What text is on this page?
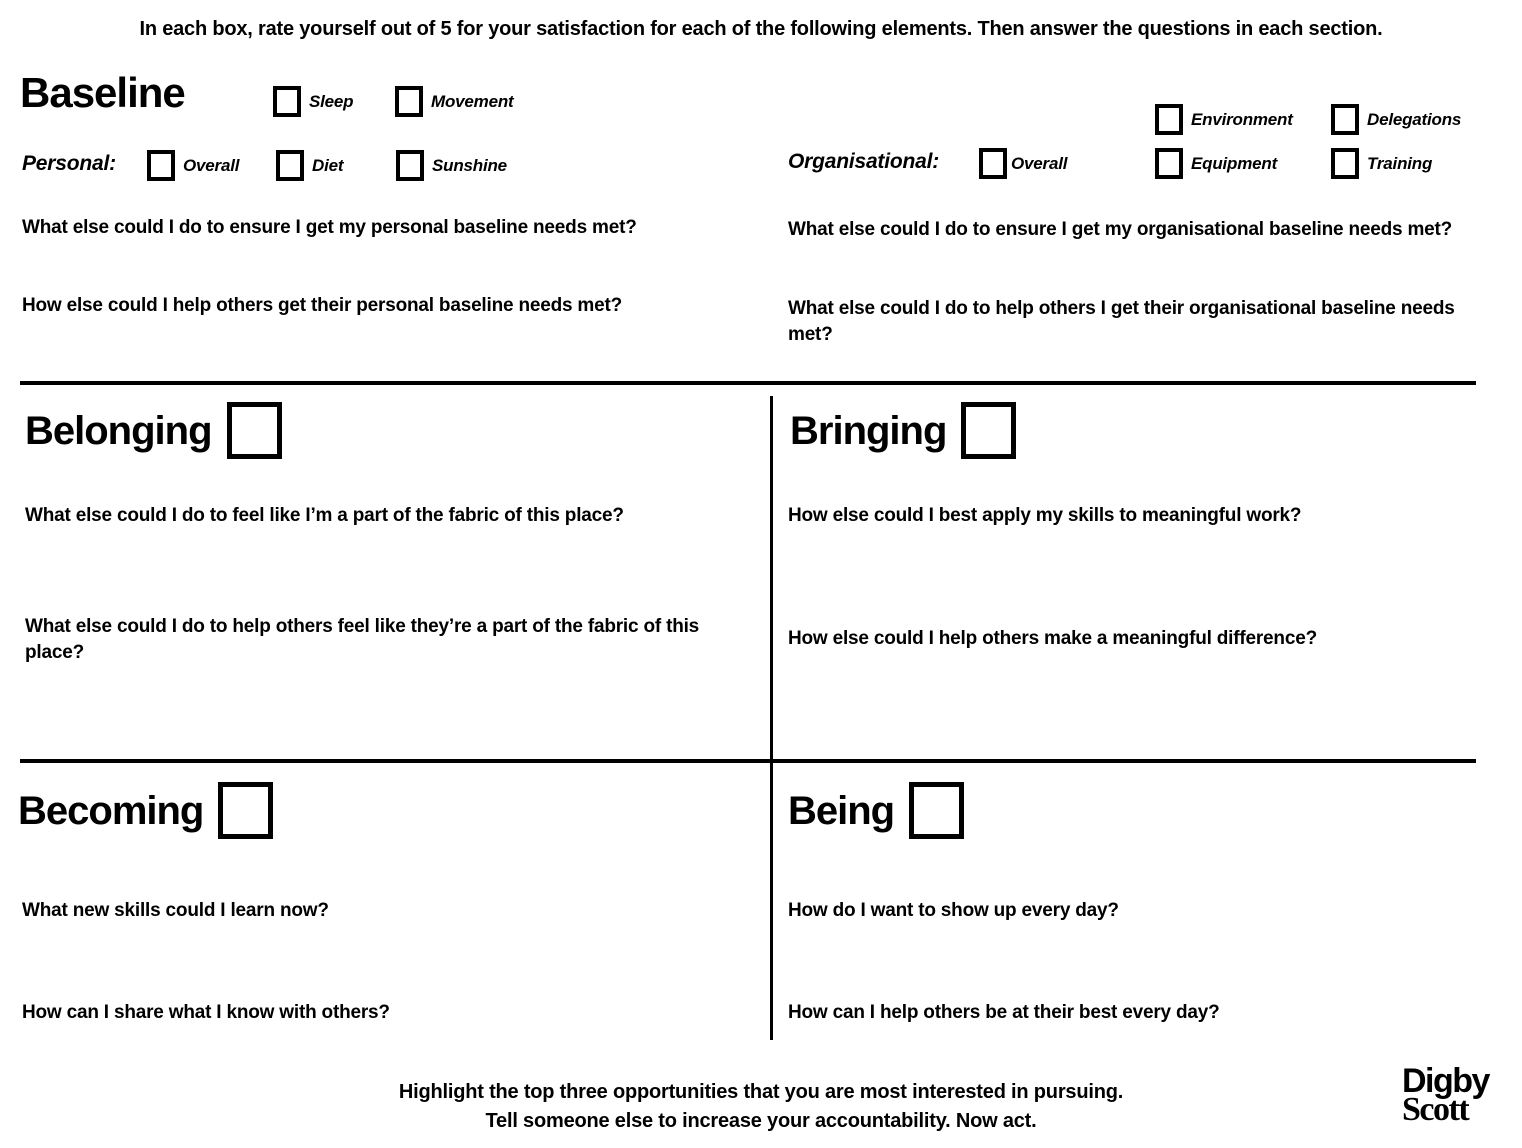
In each box, rate yourself out of 5 for your satisfaction for each of the following elements. Then answer the questions in each section.
Baseline	Sleep	Movement
Personal:	Overall	Diet	Sunshine
Environment	Delegations
Organisational:	Overall	Equipment	Training
What else could I do to ensure I get my personal baseline needs met?
How else could I help others get their personal baseline needs met?
What else could I do to ensure I get my organisational baseline needs met?
What else could I do to help others I get their organisational baseline needs met?
Belonging
What else could I do to feel like I’m a part of the fabric of this place?
What else could I do to help others feel like they’re a part of the fabric of this place?
Bringing
How else could I best apply my skills to meaningful work?
How else could I help others make a meaningful difference?
Becoming
What new skills could I learn now?
How can I share what I know with others?
Being
How do I want to show up every day?
How can I help others be at their best every day?
Highlight the top three opportunities that you are most interested in pursuing.
Tell someone else to increase your accountability. Now act.
Digby
Scott
